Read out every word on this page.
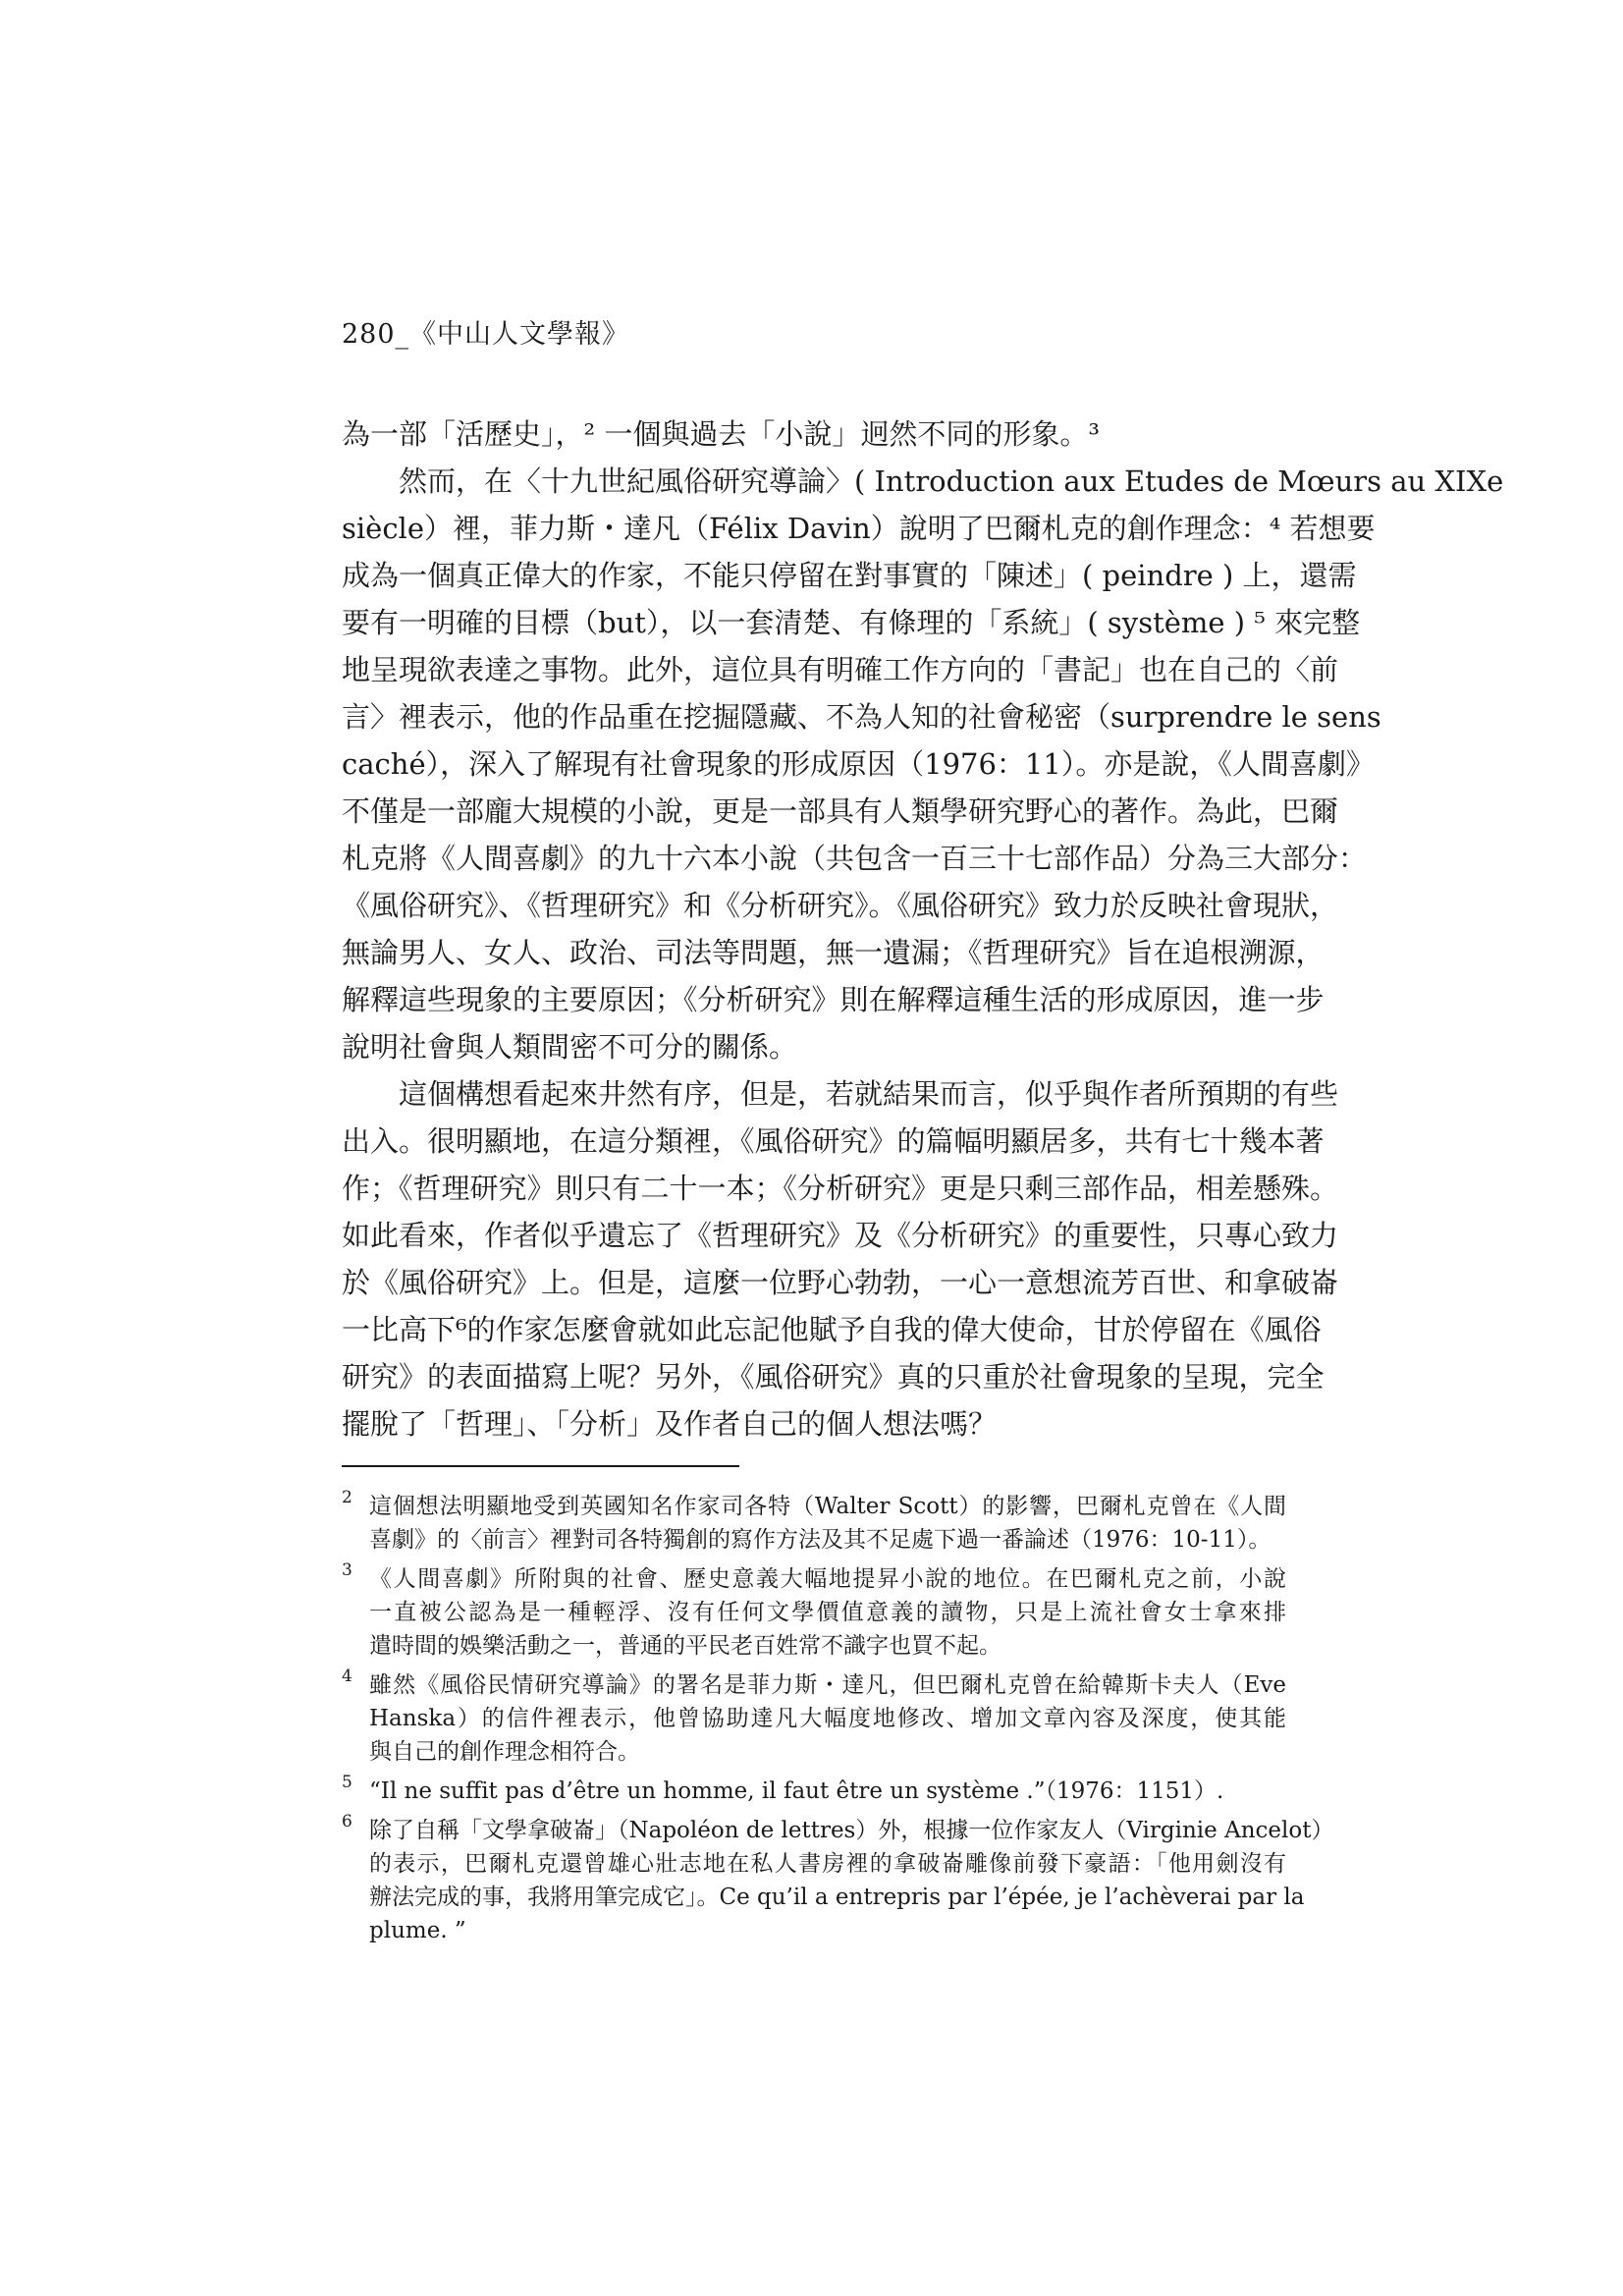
280_《中山人文學報》
為一部「活歷史」，² 一個與過去「小說」迥然不同的形象。³
然而，在〈十九世紀風俗研究導論〉( Introduction aux Etudes de Mœurs au XIXe
siècle）裡，菲力斯・達凡（Félix Davin）說明了巴爾札克的創作理念：⁴ 若想要
成為一個真正偉大的作家，不能只停留在對事實的「陳述」( peindre ) 上，還需
要有一明確的目標（but），以一套清楚、有條理的「系統」( système ) ⁵ 來完整
地呈現欲表達之事物。此外，這位具有明確工作方向的「書記」也在自己的〈前
言〉裡表示，他的作品重在挖掘隱藏、不為人知的社會秘密（surprendre le sens
caché），深入了解現有社會現象的形成原因（1976：11）。亦是說，《人間喜劇》
不僅是一部龐大規模的小說，更是一部具有人類學研究野心的著作。為此，巴爾
札克將《人間喜劇》的九十六本小說（共包含一百三十七部作品）分為三大部分：
《風俗研究》、《哲理研究》和《分析研究》。《風俗研究》致力於反映社會現狀，
無論男人、女人、政治、司法等問題，無一遺漏；《哲理研究》旨在追根溯源，
解釋這些現象的主要原因；《分析研究》則在解釋這種生活的形成原因，進一步
說明社會與人類間密不可分的關係。
這個構想看起來井然有序，但是，若就結果而言，似乎與作者所預期的有些
出入。很明顯地，在這分類裡，《風俗研究》的篇幅明顯居多，共有七十幾本著
作；《哲理研究》則只有二十一本；《分析研究》更是只剩三部作品，相差懸殊。
如此看來，作者似乎遺忘了《哲理研究》及《分析研究》的重要性，只專心致力
於《風俗研究》上。但是，這麼一位野心勃勃，一心一意想流芳百世、和拿破崙
一比高下⁶的作家怎麼會就如此忘記他賦予自我的偉大使命，甘於停留在《風俗
研究》的表面描寫上呢？另外，《風俗研究》真的只重於社會現象的呈現，完全
擺脫了「哲理」、「分析」及作者自己的個人想法嗎？
2 這個想法明顯地受到英國知名作家司各特（Walter Scott）的影響，巴爾札克曾在《人間
喜劇》的〈前言〉裡對司各特獨創的寫作方法及其不足處下過一番論述（1976：10-11）。
3 《人間喜劇》所附與的社會、歷史意義大幅地提昇小說的地位。在巴爾札克之前，小說
一直被公認為是一種輕浮、沒有任何文學價值意義的讀物，只是上流社會女士拿來排
遣時間的娛樂活動之一，普通的平民老百姓常不識字也買不起。
4 雖然《風俗民情研究導論》的署名是菲力斯・達凡，但巴爾札克曾在給韓斯卡夫人（Eve
Hanska）的信件裡表示，他曾協助達凡大幅度地修改、增加文章內容及深度，使其能
與自己的創作理念相符合。
5 “Il ne suffit pas d’être un homme, il faut être un système .”（1976：1151）.
6 除了自稱「文學拿破崙」（Napoléon de lettres）外，根據一位作家友人（Virginie Ancelot）
的表示，巴爾札克還曾雄心壯志地在私人書房裡的拿破崙雕像前發下豪語：「他用劍沒有
辦法完成的事，我將用筆完成它」。Ce qu’il a entrepris par l’épée, je l’achèverai par la
plume. ”
